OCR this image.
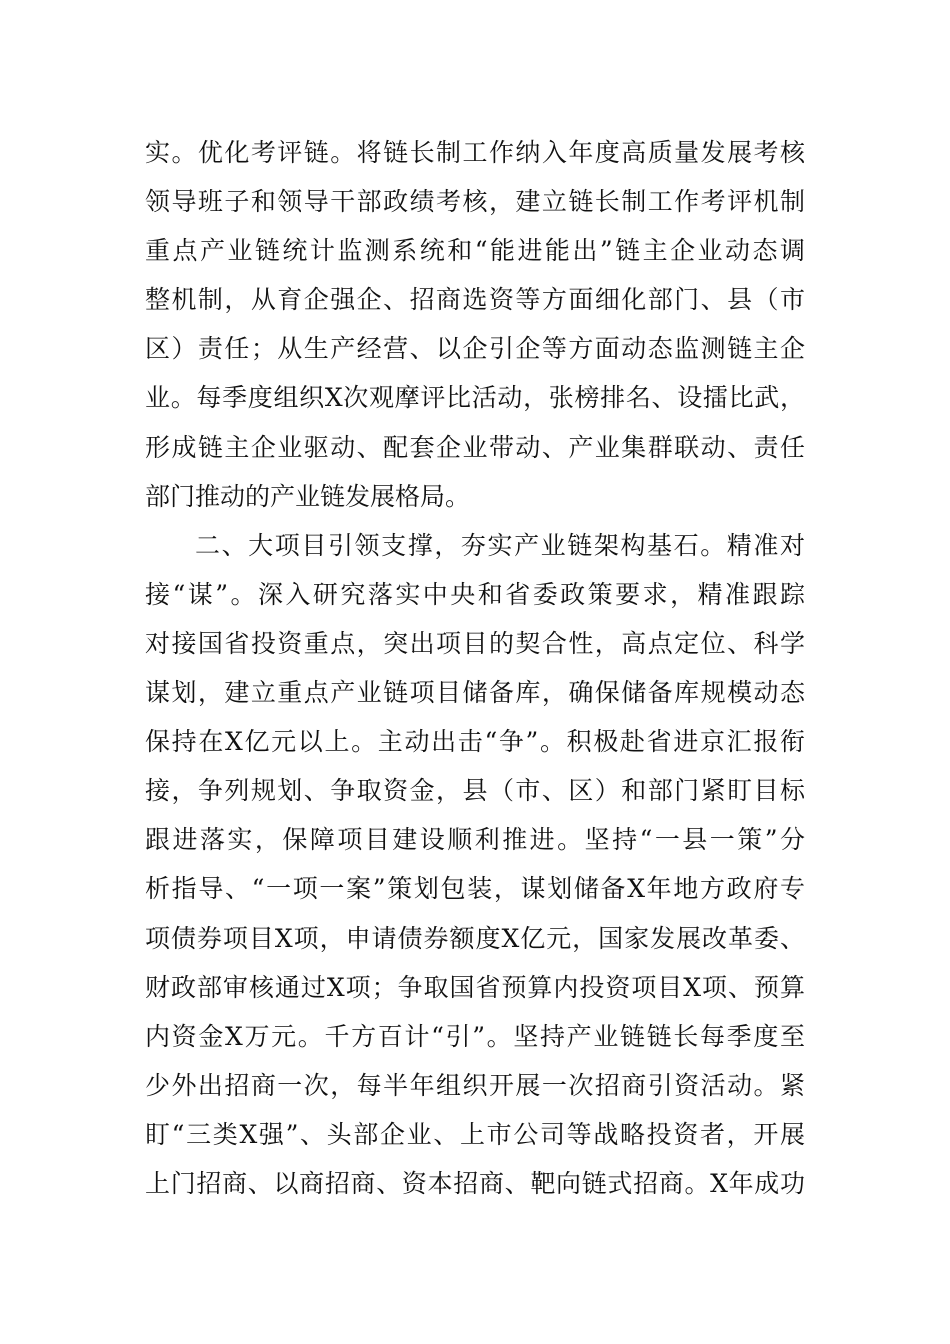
实。优化考评链。将链长制工作纳入年度高质量发展考核
领导班子和领导干部政绩考核，建立链长制工作考评机制
重点产业链统计监测系统和“能进能出”链主企业动态调
整机制，从育企强企、招商选资等方面细化部门、县（市
区）责任；从生产经营、以企引企等方面动态监测链主企
业。每季度组织X次观摩评比活动，张榜排名、设擂比武，
形成链主企业驱动、配套企业带动、产业集群联动、责任
部门推动的产业链发展格局。
二、大项目引领支撑，夯实产业链架构基石。精准对
接“谋”。深入研究落实中央和省委政策要求，精准跟踪
对接国省投资重点，突出项目的契合性，高点定位、科学
谋划，建立重点产业链项目储备库，确保储备库规模动态
保持在X亿元以上。主动出击“争”。积极赴省进京汇报衔
接，争列规划、争取资金，县（市、区）和部门紧盯目标
跟进落实，保障项目建设顺利推进。坚持“一县一策”分
析指导、“一项一案”策划包装，谋划储备X年地方政府专
项债券项目X项，申请债券额度X亿元，国家发展改革委、
财政部审核通过X项；争取国省预算内投资项目X项、预算
内资金X万元。千方百计“引”。坚持产业链链长每季度至
少外出招商一次，每半年组织开展一次招商引资活动。紧
盯“三类X强”、头部企业、上市公司等战略投资者，开展
上门招商、以商招商、资本招商、靶向链式招商。X年成功
